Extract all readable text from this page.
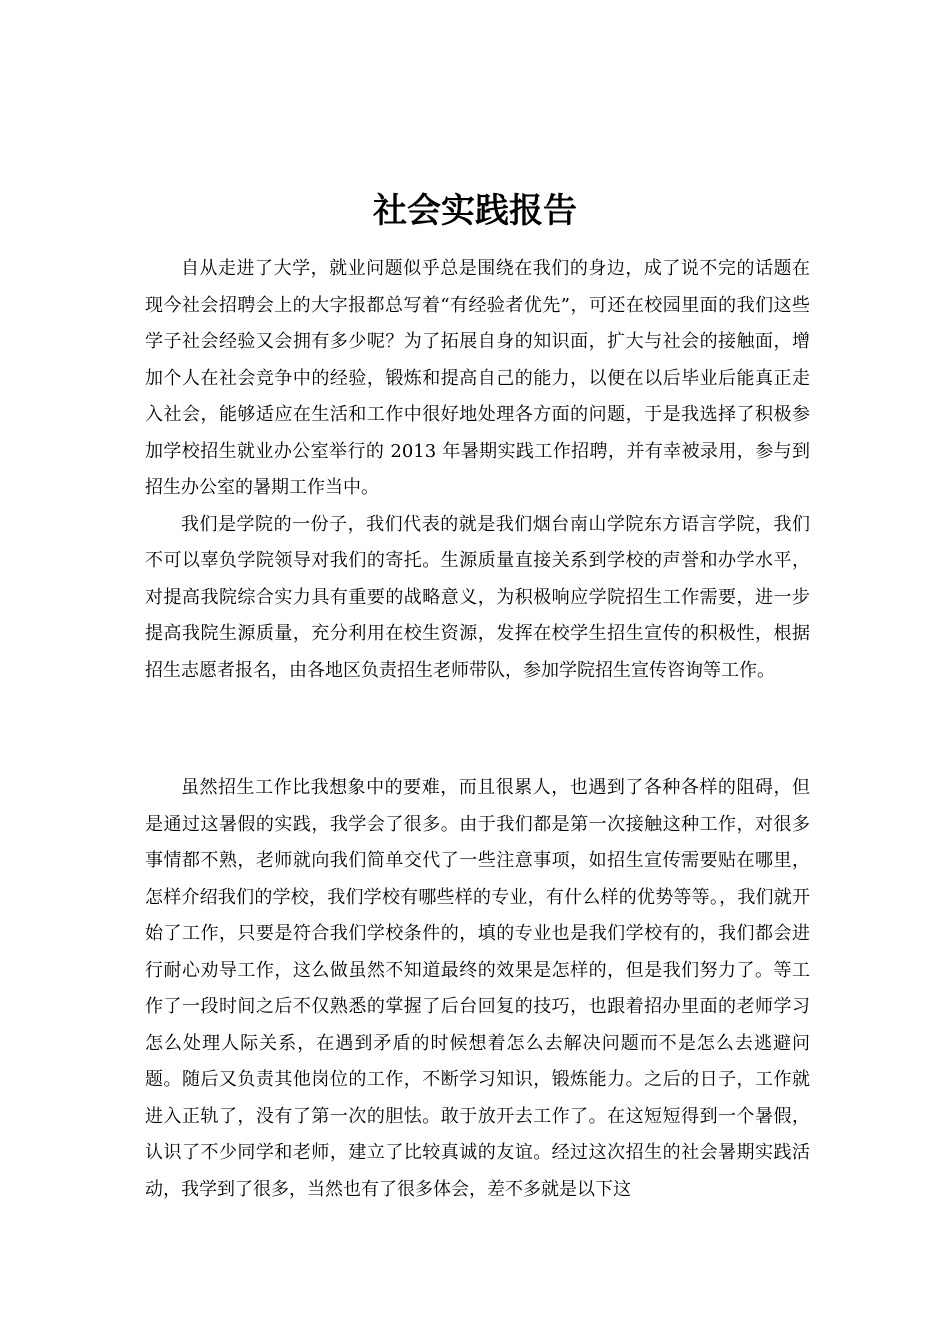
社会实践报告

自从走进了大学，就业问题似乎总是围绕在我们的身边，成了说不完的话题在现今社会招聘会上的大字报都总写着“有经验者优先”，可还在校园里面的我们这些学子社会经验又会拥有多少呢？为了拓展自身的知识面，扩大与社会的接触面，增加个人在社会竞争中的经验，锻炼和提高自己的能力，以便在以后毕业后能真正走入社会，能够适应在生活和工作中很好地处理各方面的问题，于是我选择了积极参加学校招生就业办公室举行的 2013 年暑期实践工作招聘，并有幸被录用，参与到招生办公室的暑期工作当中。

我们是学院的一份子，我们代表的就是我们烟台南山学院东方语言学院，我们不可以辜负学院领导对我们的寄托。生源质量直接关系到学校的声誉和办学水平，对提高我院综合实力具有重要的战略意义，为积极响应学院招生工作需要，进一步提高我院生源质量，充分利用在校生资源，发挥在校学生招生宣传的积极性，根据招生志愿者报名，由各地区负责招生老师带队，参加学院招生宣传咨询等工作。

虽然招生工作比我想象中的要难，而且很累人，也遇到了各种各样的阻碍，但是通过这暑假的实践，我学会了很多。由于我们都是第一次接触这种工作，对很多事情都不熟，老师就向我们简单交代了一些注意事项，如招生宣传需要贴在哪里，怎样介绍我们的学校，我们学校有哪些样的专业，有什么样的优势等等。，我们就开始了工作，只要是符合我们学校条件的，填的专业也是我们学校有的，我们都会进行耐心劝导工作，这么做虽然不知道最终的效果是怎样的，但是我们努力了。等工作了一段时间之后不仅熟悉的掌握了后台回复的技巧，也跟着招办里面的老师学习怎么处理人际关系，在遇到矛盾的时候想着怎么去解决问题而不是怎么去逃避问题。随后又负责其他岗位的工作，不断学习知识，锻炼能力。之后的日子，工作就进入正轨了，没有了第一次的胆怯。敢于放开去工作了。在这短短得到一个暑假，认识了不少同学和老师，建立了比较真诚的友谊。经过这次招生的社会暑期实践活动，我学到了很多，当然也有了很多体会，差不多就是以下这
